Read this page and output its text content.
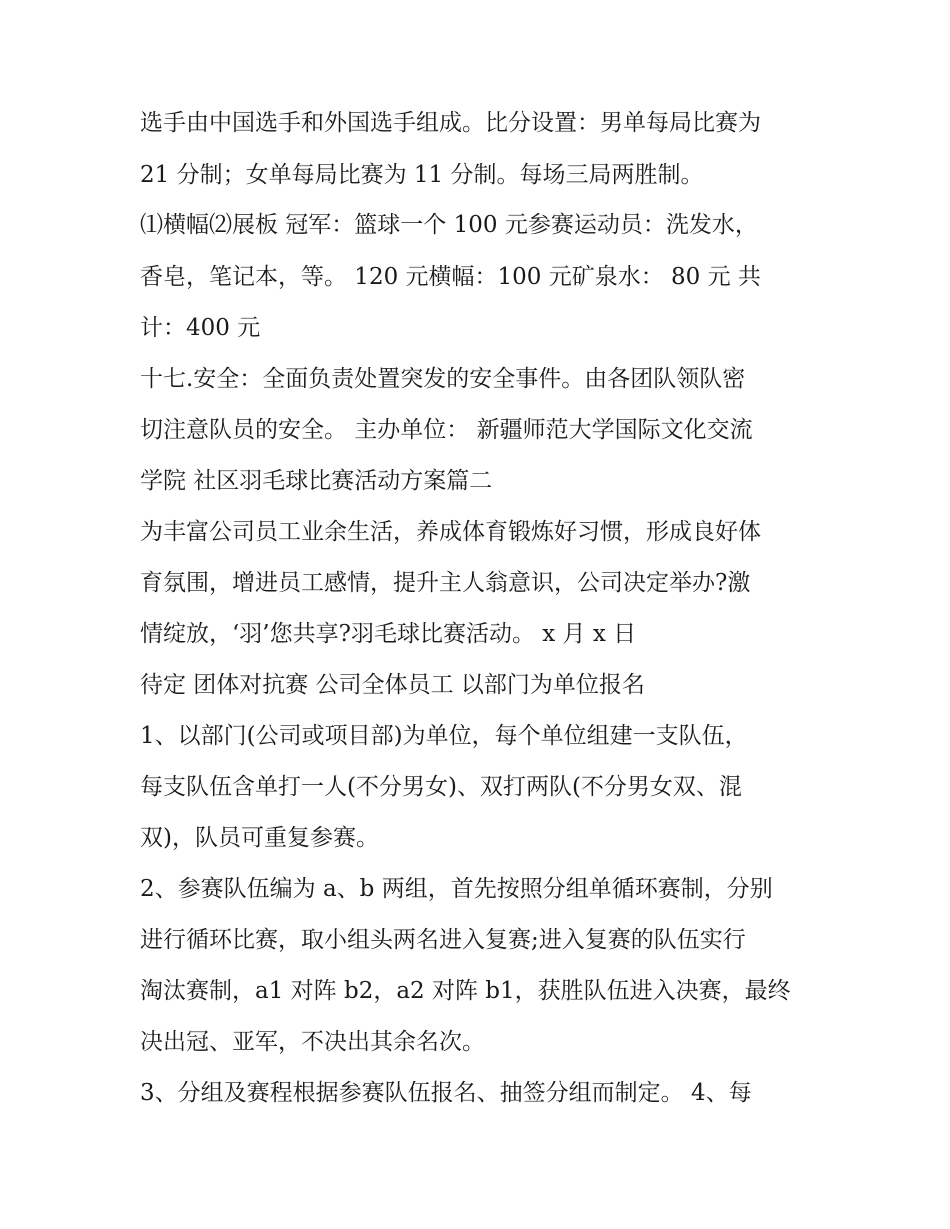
选手由中国选手和外国选手组成。比分设置：男单每局比赛为
21 分制；女单每局比赛为 11 分制。每场三局两胜制。
⑴横幅⑵展板 冠军：篮球一个 100 元参赛运动员：洗发水，
香皂，笔记本，等。 120 元横幅：100 元矿泉水： 80 元 共
计：400 元
十七.安全：全面负责处置突发的安全事件。由各团队领队密
切注意队员的安全。 主办单位： 新疆师范大学国际文化交流
学院 社区羽毛球比赛活动方案篇二
为丰富公司员工业余生活，养成体育锻炼好习惯，形成良好体
育氛围，增进员工感情，提升主人翁意识，公司决定举办?激
情绽放，‘羽’您共享?羽毛球比赛活动。 x 月 x 日
待定 团体对抗赛 公司全体员工 以部门为单位报名
1、以部门(公司或项目部)为单位，每个单位组建一支队伍，
每支队伍含单打一人(不分男女)、双打两队(不分男女双、混
双)，队员可重复参赛。
2、参赛队伍编为 a、b 两组，首先按照分组单循环赛制，分别
进行循环比赛，取小组头两名进入复赛;进入复赛的队伍实行
淘汰赛制，a1 对阵 b2，a2 对阵 b1，获胜队伍进入决赛，最终
决出冠、亚军，不决出其余名次。
3、分组及赛程根据参赛队伍报名、抽签分组而制定。 4、每
